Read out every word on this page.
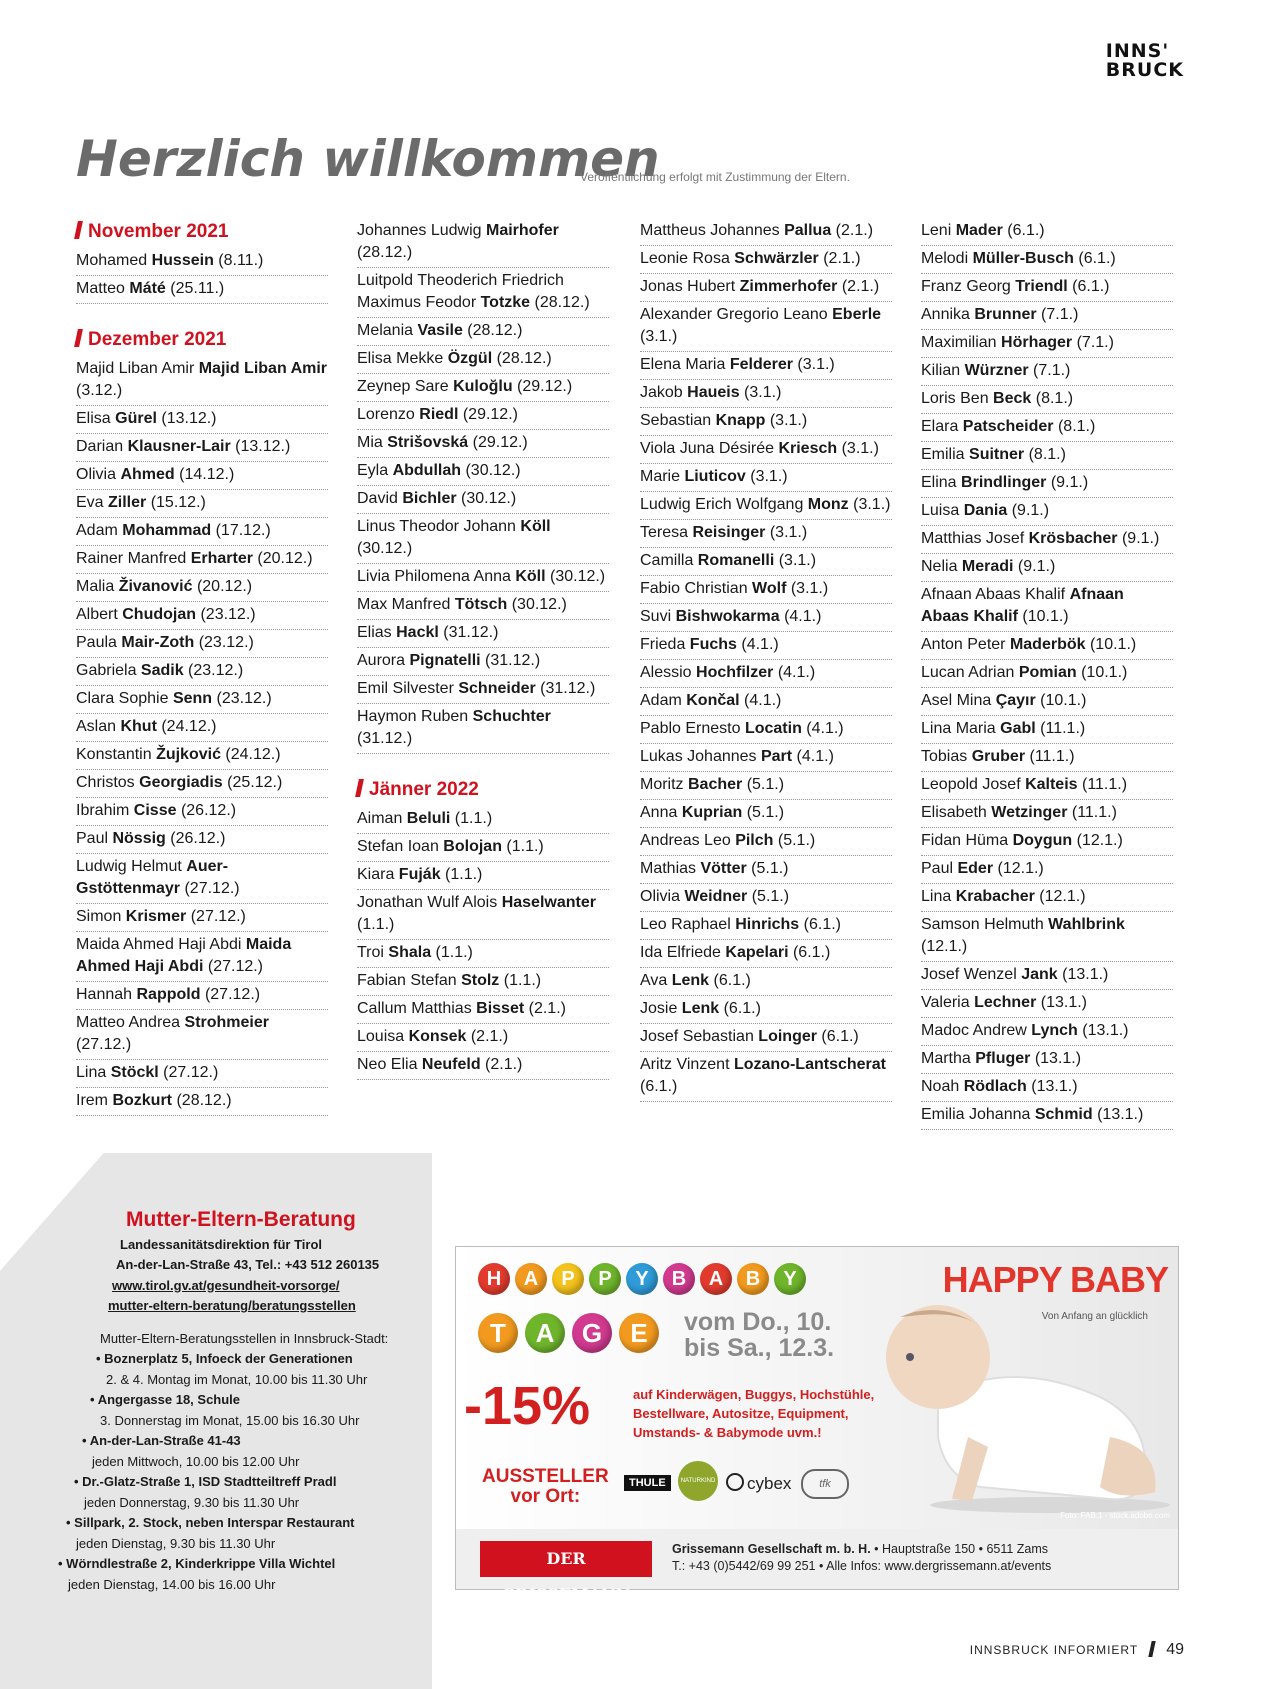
INNS'
BRUCK
Herzlich willkommen
Veröffentlichung erfolgt mit Zustimmung der Eltern.
November 2021
Mohamed Hussein (8.11.)
Matteo Máté (25.11.)
Dezember 2021
Majid Liban Amir Majid Liban Amir (3.12.)
Elisa Gürel (13.12.)
Darian Klausner-Lair (13.12.)
Olivia Ahmed (14.12.)
Eva Ziller (15.12.)
Adam Mohammad (17.12.)
Rainer Manfred Erharter (20.12.)
Malia Živanović (20.12.)
Albert Chudojan (23.12.)
Paula Mair-Zoth (23.12.)
Gabriela Sadik (23.12.)
Clara Sophie Senn (23.12.)
Aslan Khut (24.12.)
Konstantin Žujković (24.12.)
Christos Georgiadis (25.12.)
Ibrahim Cisse (26.12.)
Paul Nössig (26.12.)
Ludwig Helmut Auer-Gstöttenmayr (27.12.)
Simon Krismer (27.12.)
Maida Ahmed Haji Abdi Maida Ahmed Haji Abdi (27.12.)
Hannah Rappold (27.12.)
Matteo Andrea Strohmeier (27.12.)
Lina Stöckl (27.12.)
Irem Bozkurt (28.12.)
Johannes Ludwig Mairhofer (28.12.)
Luitpold Theoderich Friedrich Maximus Feodor Totzke (28.12.)
Melania Vasile (28.12.)
Elisa Mekke Özgül (28.12.)
Zeynep Sare Kuloğlu (29.12.)
Lorenzo Riedl (29.12.)
Mia Strišovská (29.12.)
Eyla Abdullah (30.12.)
David Bichler (30.12.)
Linus Theodor Johann Köll (30.12.)
Livia Philomena Anna Köll (30.12.)
Max Manfred Tötsch (30.12.)
Elias Hackl (31.12.)
Aurora Pignatelli (31.12.)
Emil Silvester Schneider (31.12.)
Haymon Ruben Schuchter (31.12.)
Jänner 2022
Aiman Beluli (1.1.)
Stefan Ioan Bolojan (1.1.)
Kiara Fuják (1.1.)
Jonathan Wulf Alois Haselwanter (1.1.)
Troi Shala (1.1.)
Fabian Stefan Stolz (1.1.)
Callum Matthias Bisset (2.1.)
Louisa Konsek (2.1.)
Neo Elia Neufeld (2.1.)
Mattheus Johannes Pallua (2.1.)
Leonie Rosa Schwärzler (2.1.)
Jonas Hubert Zimmerhofer (2.1.)
Alexander Gregorio Leano Eberle (3.1.)
Elena Maria Felderer (3.1.)
Jakob Haueis (3.1.)
Sebastian Knapp (3.1.)
Viola Juna Désirée Kriesch (3.1.)
Marie Liuticov (3.1.)
Ludwig Erich Wolfgang Monz (3.1.)
Teresa Reisinger (3.1.)
Camilla Romanelli (3.1.)
Fabio Christian Wolf (3.1.)
Suvi Bishwokarma (4.1.)
Frieda Fuchs (4.1.)
Alessio Hochfilzer (4.1.)
Adam Končal (4.1.)
Pablo Ernesto Locatin (4.1.)
Lukas Johannes Part (4.1.)
Moritz Bacher (5.1.)
Anna Kuprian (5.1.)
Andreas Leo Pilch (5.1.)
Mathias Vötter (5.1.)
Olivia Weidner (5.1.)
Leo Raphael Hinrichs (6.1.)
Ida Elfriede Kapelari (6.1.)
Ava Lenk (6.1.)
Josie Lenk (6.1.)
Josef Sebastian Loinger (6.1.)
Aritz Vinzent Lozano-Lantscherat (6.1.)
Leni Mader (6.1.)
Melodi Müller-Busch (6.1.)
Franz Georg Triendl (6.1.)
Annika Brunner (7.1.)
Maximilian Hörhager (7.1.)
Kilian Würzner (7.1.)
Loris Ben Beck (8.1.)
Elara Patscheider (8.1.)
Emilia Suitner (8.1.)
Elina Brindlinger (9.1.)
Luisa Dania (9.1.)
Matthias Josef Krösbacher (9.1.)
Nelia Meradi (9.1.)
Afnaan Abaas Khalif Afnaan Abaas Khalif (10.1.)
Anton Peter Maderbök (10.1.)
Lucan Adrian Pomian (10.1.)
Asel Mina Çayır (10.1.)
Lina Maria Gabl (11.1.)
Tobias Gruber (11.1.)
Leopold Josef Kalteis (11.1.)
Elisabeth Wetzinger (11.1.)
Fidan Hüma Doygun (12.1.)
Paul Eder (12.1.)
Lina Krabacher (12.1.)
Samson Helmuth Wahlbrink (12.1.)
Josef Wenzel Jank (13.1.)
Valeria Lechner (13.1.)
Madoc Andrew Lynch (13.1.)
Martha Pfluger (13.1.)
Noah Rödlach (13.1.)
Emilia Johanna Schmid (13.1.)
Mutter-Eltern-Beratung
Landessanitätsdirektion für Tirol
An-der-Lan-Straße 43, Tel.: +43 512 260135
www.tirol.gv.at/gesundheit-vorsorge/
mutter-eltern-beratung/beratungsstellen
Mutter-Eltern-Beratungsstellen in Innsbruck-Stadt:
• Boznerplatz 5, Infoeck der Generationen
2. & 4. Montag im Monat, 10.00 bis 11.30 Uhr
• Angergasse 18, Schule
3. Donnerstag im Monat, 15.00 bis 16.30 Uhr
• An-der-Lan-Straße 41-43
jeden Mittwoch, 10.00 bis 12.00 Uhr
• Dr.-Glatz-Straße 1, ISD Stadtteiltreff Pradl
jeden Donnerstag, 9.30 bis 11.30 Uhr
• Sillpark, 2. Stock, neben Interspar Restaurant
jeden Dienstag, 9.30 bis 11.30 Uhr
• Wörndlestraße 2, Kinderkrippe Villa Wichtel
jeden Dienstag, 14.00 bis 16.00 Uhr
H A P P Y B A B Y
T A G E	vom Do., 10.
bis Sa., 12.3.
-15%	auf Kinderwägen, Buggys, Hochstühle,
Bestellware, Autositze, Equipment,
Umstands- & Babymode uvm.!
AUSSTELLER
vor Ort:
THULE	NATURKIND	cybex	tfk
HAPPY BABY
Von Anfang an glücklich
Foto: FAB.1 - stock.adobe.com
DER GRISSEMANN
Grissemann Gesellschaft m. b. H. • Hauptstraße 150 • 6511 Zams
T.: +43 (0)5442/69 99 251 • Alle Infos: www.dergrissemann.at/events
INNSBRUCK INFORMIERT 49
